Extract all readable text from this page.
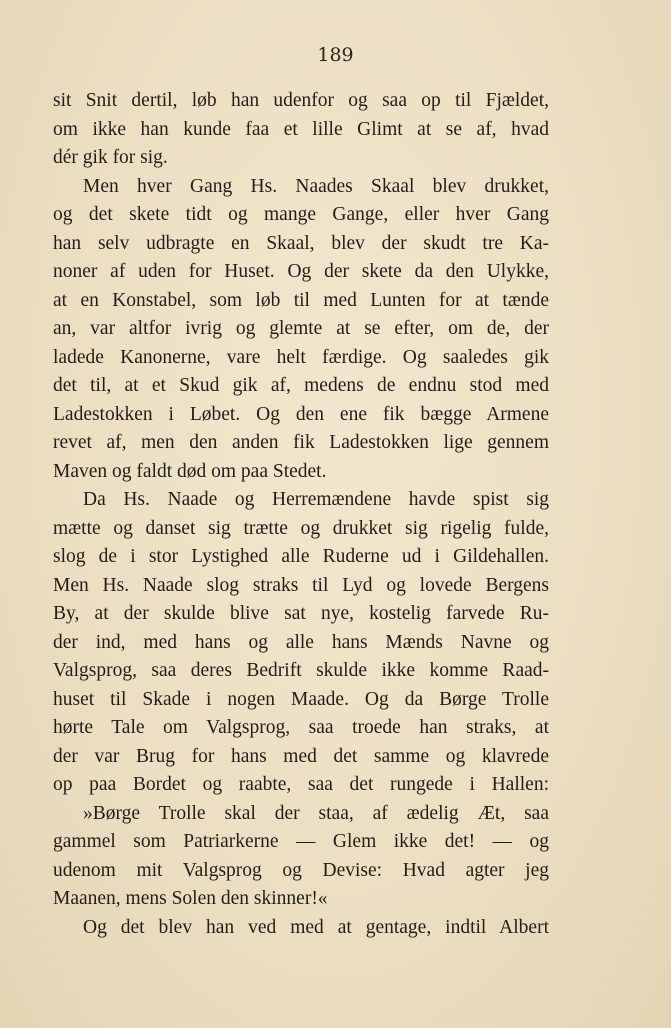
189

sit Snit dertil, løb han udenfor og saa op til Fjældet,
om ikke han kunde faa et lille Glimt at se af, hvad
dér gik for sig.
Men hver Gang Hs. Naades Skaal blev drukket,
og det skete tidt og mange Gange, eller hver Gang
han selv udbragte en Skaal, blev der skudt tre Ka-
noner af uden for Huset. Og der skete da den Ulykke,
at en Konstabel, som løb til med Lunten for at tænde
an, var altfor ivrig og glemte at se efter, om de, der
ladede Kanonerne, vare helt færdige. Og saaledes gik
det til, at et Skud gik af, medens de endnu stod med
Ladestokken i Løbet. Og den ene fik bægge Armene
revet af, men den anden fik Ladestokken lige gennem
Maven og faldt død om paa Stedet.
Da Hs. Naade og Herremændene havde spist sig
mætte og danset sig trætte og drukket sig rigelig fulde,
slog de i stor Lystighed alle Ruderne ud i Gildehallen.
Men Hs. Naade slog straks til Lyd og lovede Bergens
By, at der skulde blive sat nye, kostelig farvede Ru-
der ind, med hans og alle hans Mænds Navne og
Valgsprog, saa deres Bedrift skulde ikke komme Raad-
huset til Skade i nogen Maade. Og da Børge Trolle
hørte Tale om Valgsprog, saa troede han straks, at
der var Brug for hans med det samme og klavrede
op paa Bordet og raabte, saa det rungede i Hallen:
»Børge Trolle skal der staa, af ædelig Æt, saa
gammel som Patriarkerne — Glem ikke det! — og
udenom mit Valgsprog og Devise: Hvad agter jeg
Maanen, mens Solen den skinner!«
Og det blev han ved med at gentage, indtil Albert
